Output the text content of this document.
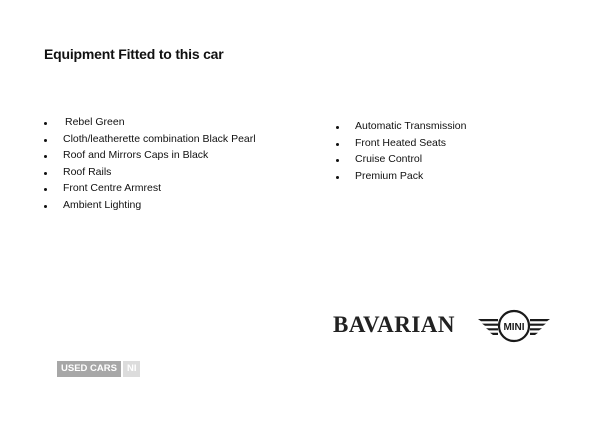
Equipment Fitted to this car
Rebel Green
Cloth/leatherette combination Black Pearl
Roof and Mirrors Caps in Black
Roof Rails
Front Centre Armrest
Ambient Lighting
Automatic Transmission
Front Heated Seats
Cruise Control
Premium Pack
BAVARIAN	MINI
USED CARS	NI
